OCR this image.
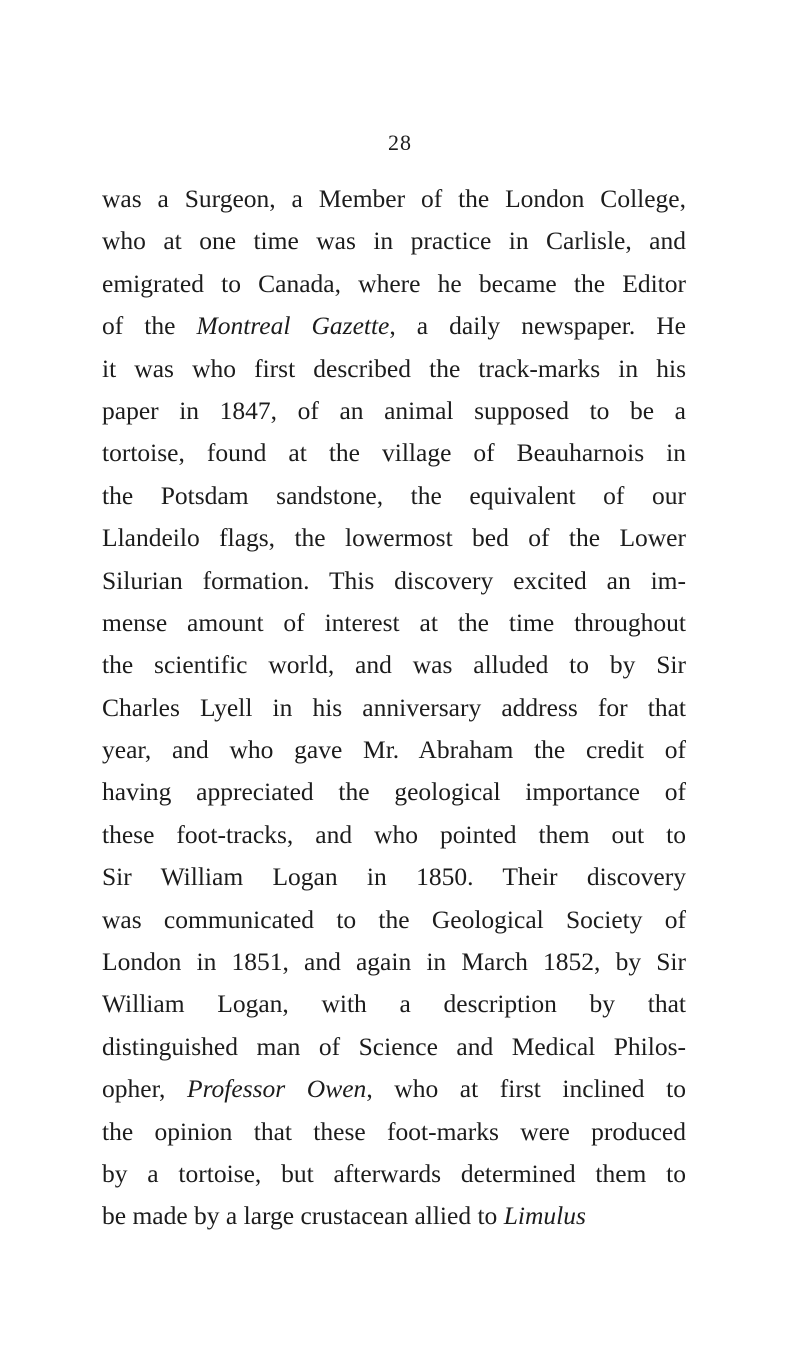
28
was a Surgeon, a Member of the London College,
who at one time was in practice in Carlisle, and
emigrated to Canada, where he became the Editor
of the Montreal Gazette, a daily newspaper. He
it was who first described the track-marks in his
paper in 1847, of an animal supposed to be a
tortoise, found at the village of Beauharnois in
the Potsdam sandstone, the equivalent of our
Llandeilo flags, the lowermost bed of the Lower
Silurian formation. This discovery excited an im-
mense amount of interest at the time throughout
the scientific world, and was alluded to by Sir
Charles Lyell in his anniversary address for that
year, and who gave Mr. Abraham the credit of
having appreciated the geological importance of
these foot-tracks, and who pointed them out to
Sir William Logan in 1850. Their discovery
was communicated to the Geological Society of
London in 1851, and again in March 1852, by Sir
William Logan, with a description by that
distinguished man of Science and Medical Philos-
opher, Professor Owen, who at first inclined to
the opinion that these foot-marks were produced
by a tortoise, but afterwards determined them to
be made by a large crustacean allied to Limulus
